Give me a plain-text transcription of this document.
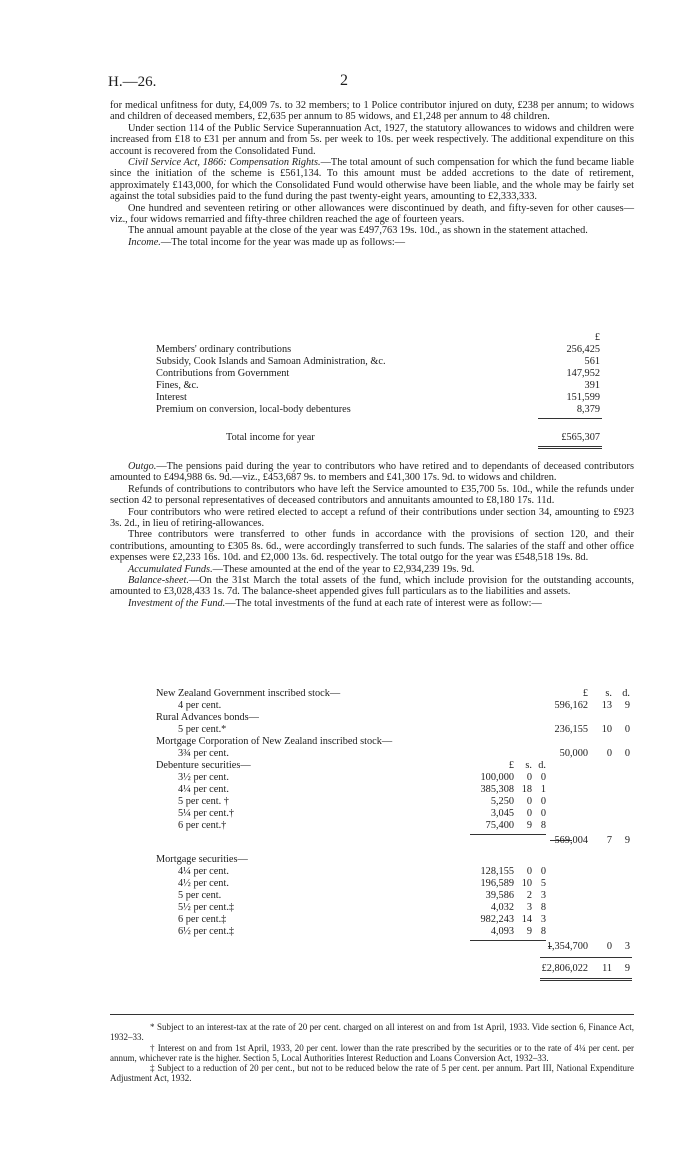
H.—26.	2

for medical unfitness for duty, £4,009 7s. to 32 members; to 1 Police contributor injured on duty, £238 per annum; to widows and children of deceased members, £2,635 per annum to 85 widows, and £1,248 per annum to 48 children.

Under section 114 of the Public Service Superannuation Act, 1927, the statutory allowances to widows and children were increased from £18 to £31 per annum and from 5s. per week to 10s. per week respectively. The additional expenditure on this account is recovered from the Consolidated Fund.

Civil Service Act, 1866: Compensation Rights.—The total amount of such compensation for which the fund became liable since the initiation of the scheme is £561,134. To this amount must be added accretions to the date of retirement, approximately £143,000, for which the Consolidated Fund would otherwise have been liable, and the whole may be fairly set against the total subsidies paid to the fund during the past twenty-eight years, amounting to £2,333,333.

One hundred and seventeen retiring or other allowances were discontinued by death, and fifty-seven for other causes—viz., four widows remarried and fifty-three children reached the age of fourteen years.

The annual amount payable at the close of the year was £497,763 19s. 10d., as shown in the statement attached.

Income.—The total income for the year was made up as follows:—

£
Members' ordinary contributions	256,425
Subsidy, Cook Islands and Samoan Administration, &c.	561
Contributions from Government	147,952
Fines, &c.	391
Interest	151,599
Premium on conversion, local-body debentures	8,379
Total income for year	£565,307

Outgo.—The pensions paid during the year to contributors who have retired and to dependants of deceased contributors amounted to £494,988 6s. 9d.—viz., £453,687 9s. to members and £41,300 17s. 9d. to widows and children.

Refunds of contributions to contributors who have left the Service amounted to £35,700 5s. 10d., while the refunds under section 42 to personal representatives of deceased contributors and annuitants amounted to £8,180 17s. 11d.

Four contributors who were retired elected to accept a refund of their contributions under section 34, amounting to £923 3s. 2d., in lieu of retiring-allowances.

Three contributors were transferred to other funds in accordance with the provisions of section 120, and their contributions, amounting to £305 8s. 6d., were accordingly transferred to such funds. The salaries of the staff and other office expenses were £2,233 16s. 10d. and £2,000 13s. 6d. respectively. The total outgo for the year was £548,518 19s. 8d.

Accumulated Funds.—These amounted at the end of the year to £2,934,239 19s. 9d.

Balance-sheet.—On the 31st March the total assets of the fund, which include provision for the outstanding accounts, amounted to £3,028,433 1s. 7d. The balance-sheet appended gives full particulars as to the liabilities and assets.

Investment of the Fund.—The total investments of the fund at each rate of interest were as follow:—

£	s. d.
New Zealand Government inscribed stock—
4 per cent.	596,162	13	9
Rural Advances bonds—
5 per cent.*	236,155	10	0
Mortgage Corporation of New Zealand inscribed stock—
3¾ per cent.	50,000	0	0
Debenture securities—	£	s. d.
3½ per cent.	100,000	0 0
4¼ per cent.	385,308 18 1
5 per cent. †	5,250	0 0
5¼ per cent.†	3,045	0 0
6 per cent.†	75,400	9 8
569,004	7	9
Mortgage securities—
4¼ per cent.	128,155	0 0
4½ per cent.	196,589 10 5
5 per cent.	39,586	2 3
5½ per cent.‡	4,032	3 8
6 per cent.‡	982,243 14 3
6½ per cent.‡	4,093	9 8
1,354,700	0	3
£2,806,022	11	9

* Subject to an interest-tax at the rate of 20 per cent. charged on all interest on and from 1st April, 1933. Vide section 6, Finance Act, 1932–33.

† Interest on and from 1st April, 1933, 20 per cent. lower than the rate prescribed by the securities or to the rate of 4¼ per cent. per annum, whichever rate is the higher. Section 5, Local Authorities Interest Reduction and Loans Conversion Act, 1932–33.

‡ Subject to a reduction of 20 per cent., but not to be reduced below the rate of 5 per cent. per annum. Part III, National Expenditure Adjustment Act, 1932.
